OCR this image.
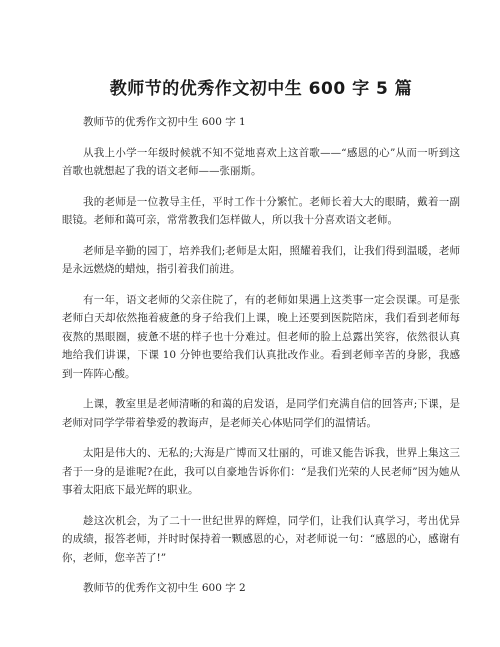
教师节的优秀作文初中生 600 字 5 篇

教师节的优秀作文初中生 600 字 1

从我上小学一年级时候就不知不觉地喜欢上这首歌——“感恩的心”从而一听到这首歌也就想起了我的语文老师——张丽斯。

我的老师是一位教导主任，平时工作十分繁忙。老师长着大大的眼睛，戴着一副眼镜。老师和蔼可亲，常常教我们怎样做人，所以我十分喜欢语文老师。

老师是辛勤的园丁，培养我们;老师是太阳，照耀着我们，让我们得到温暖，老师是永远燃烧的蜡烛，指引着我们前进。

有一年，语文老师的父亲住院了，有的老师如果遇上这类事一定会误课。可是张老师白天却依然拖着疲惫的身子给我们上课，晚上还要到医院陪床，我们看到老师每夜熬的黑眼圈，疲惫不堪的样子也十分难过。但老师的脸上总露出笑容，依然很认真地给我们讲课，下课 10 分钟也要给我们认真批改作业。看到老师辛苦的身影，我感到一阵阵心酸。

上课，教室里是老师清晰的和蔼的启发语，是同学们充满自信的回答声;下课，是老师对同学学带着挚爱的教诲声，是老师关心体贴同学们的温情话。

太阳是伟大的、无私的;大海是广博而又壮丽的，可谁又能告诉我，世界上集这三者于一身的是谁呢?在此，我可以自豪地告诉你们：“是我们光荣的人民老师”因为她从事着太阳底下最光辉的职业。

趁这次机会，为了二十一世纪世界的辉煌，同学们，让我们认真学习，考出优异的成绩，报答老师，并时时保持着一颗感恩的心，对老师说一句：“感恩的心，感谢有你，老师，您辛苦了!”

教师节的优秀作文初中生 600 字 2
